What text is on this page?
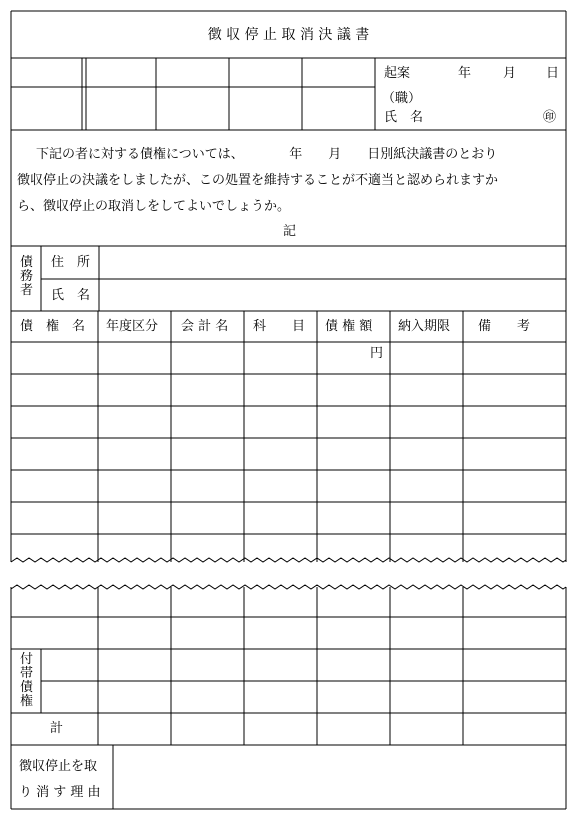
徴 収 停 止 取 消 決 議 書
起案	年 月 日
（職）
氏　名	㊞
下記の者に対する債権については、　　　　年　　月　　日別紙決議書のとおり
徴収停止の決議をしましたが、この処置を維持することが不適当と認められますか
ら、徴収停止の取消しをしてよいでしょうか。
記
債務者
住　所
氏　名
債　権　名 年度区分 会 計 名 科　　目 債 権 額 納入期限 備　　考
円
付帯債権
計
徴収停止を取
り 消 す 理 由
